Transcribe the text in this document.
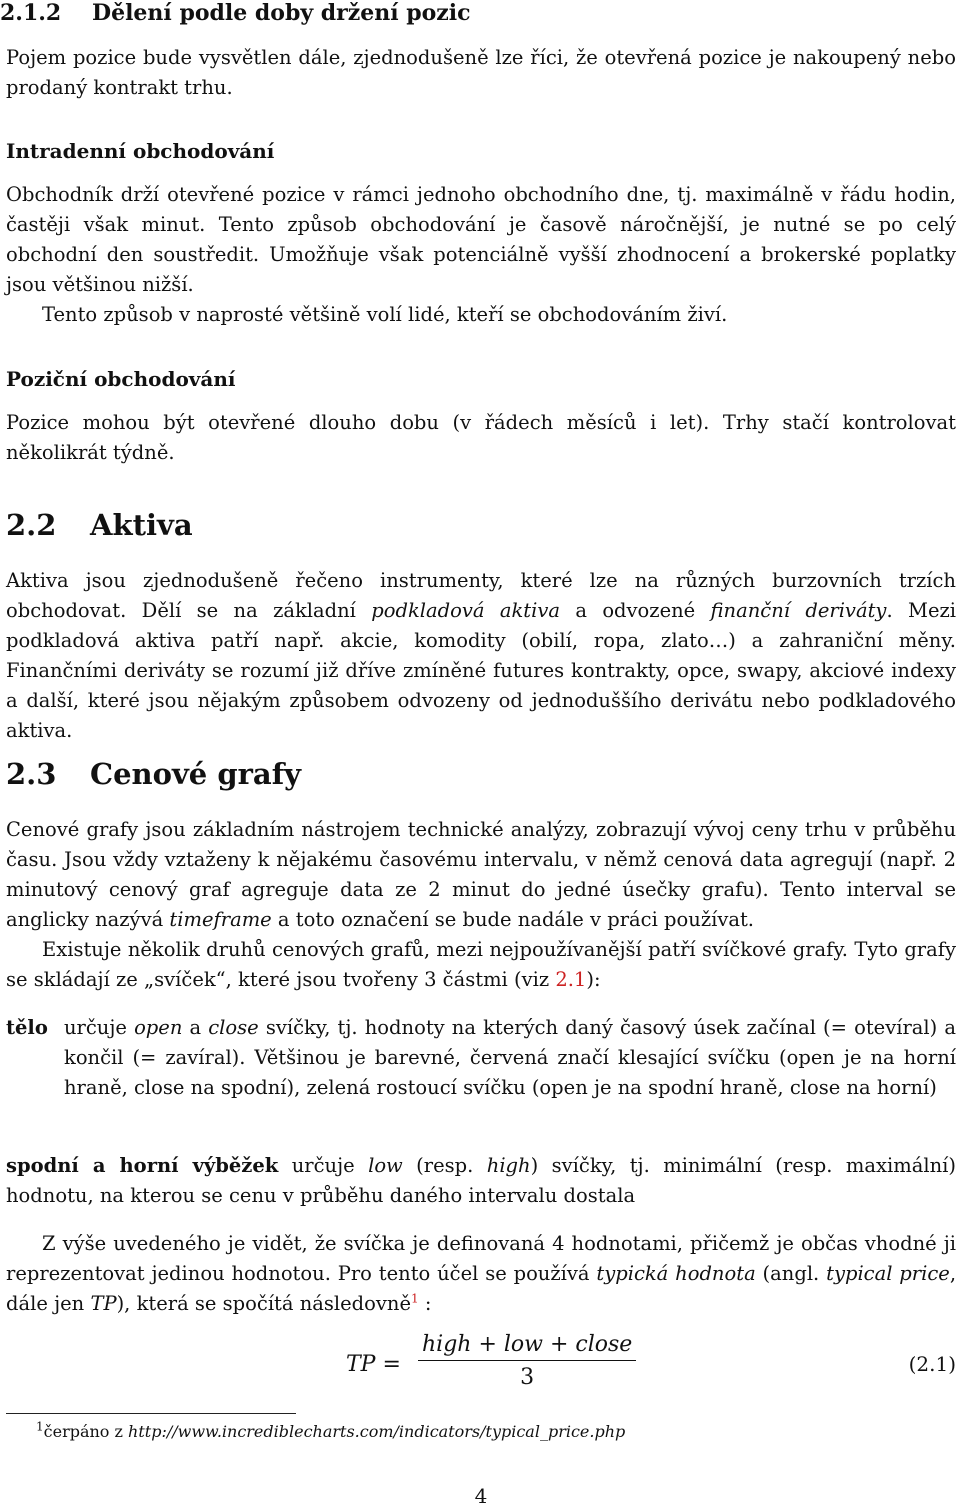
2.1.2 Dělení podle doby držení pozic
Pojem pozice bude vysvětlen dále, zjednodušeně lze říci, že otevřená pozice je nakoupený nebo prodaný kontrakt trhu.
Intradenní obchodování
Obchodník drží otevřené pozice v rámci jednoho obchodního dne, tj. maximálně v řádu hodin, častěji však minut. Tento způsob obchodování je časově náročnější, je nutné se po celý obchodní den soustředit. Umožňuje však potenciálně vyšší zhodnocení a brokerské poplatky jsou většinou nižší.
Tento způsob v naprosté většině volí lidé, kteří se obchodováním živí.
Poziční obchodování
Pozice mohou být otevřené dlouho dobu (v řádech měsíců i let). Trhy stačí kontrolovat několikrát týdně.
2.2 Aktiva
Aktiva jsou zjednodušeně řečeno instrumenty, které lze na různých burzovních trzích obchodovat. Dělí se na základní podkladová aktiva a odvozené finanční deriváty. Mezi podkladová aktiva patří např. akcie, komodity (obilí, ropa, zlato…) a zahraniční měny. Finančními deriváty se rozumí již dříve zmíněné futures kontrakty, opce, swapy, akciové indexy a další, které jsou nějakým způsobem odvozeny od jednoduššího derivátu nebo podkladového aktiva.
2.3 Cenové grafy
Cenové grafy jsou základním nástrojem technické analýzy, zobrazují vývoj ceny trhu v průběhu času. Jsou vždy vztaženy k nějakému časovému intervalu, v němž cenová data agregují (např. 2 minutový cenový graf agreguje data ze 2 minut do jedné úsečky grafu). Tento interval se anglicky nazývá timeframe a toto označení se bude nadále v práci používat.
Existuje několik druhů cenových grafů, mezi nejpoužívanější patří svíčkové grafy. Tyto grafy se skládají ze „svíček“, které jsou tvořeny 3 částmi (viz 2.1):
tělo určuje open a close svíčky, tj. hodnoty na kterých daný časový úsek začínal (= otevíral) a končil (= zavíral). Většinou je barevné, červená značí klesající svíčku (open je na horní hraně, close na spodní), zelená rostoucí svíčku (open je na spodní hraně, close na horní)
spodní a horní výběžek určuje low (resp. high) svíčky, tj. minimální (resp. maximální) hodnotu, na kterou se cenu v průběhu daného intervalu dostala
Z výše uvedeného je vidět, že svíčka je definovaná 4 hodnotami, přičemž je občas vhodné ji reprezentovat jedinou hodnotou. Pro tento účel se používá typická hodnota (angl. typical price, dále jen TP), která se spočítá následovně$^1$ :
TP =
high + low + close
3
(2.1)
$^1$čerpáno z http://www.incrediblecharts.com/indicators/typical_price.php
4
